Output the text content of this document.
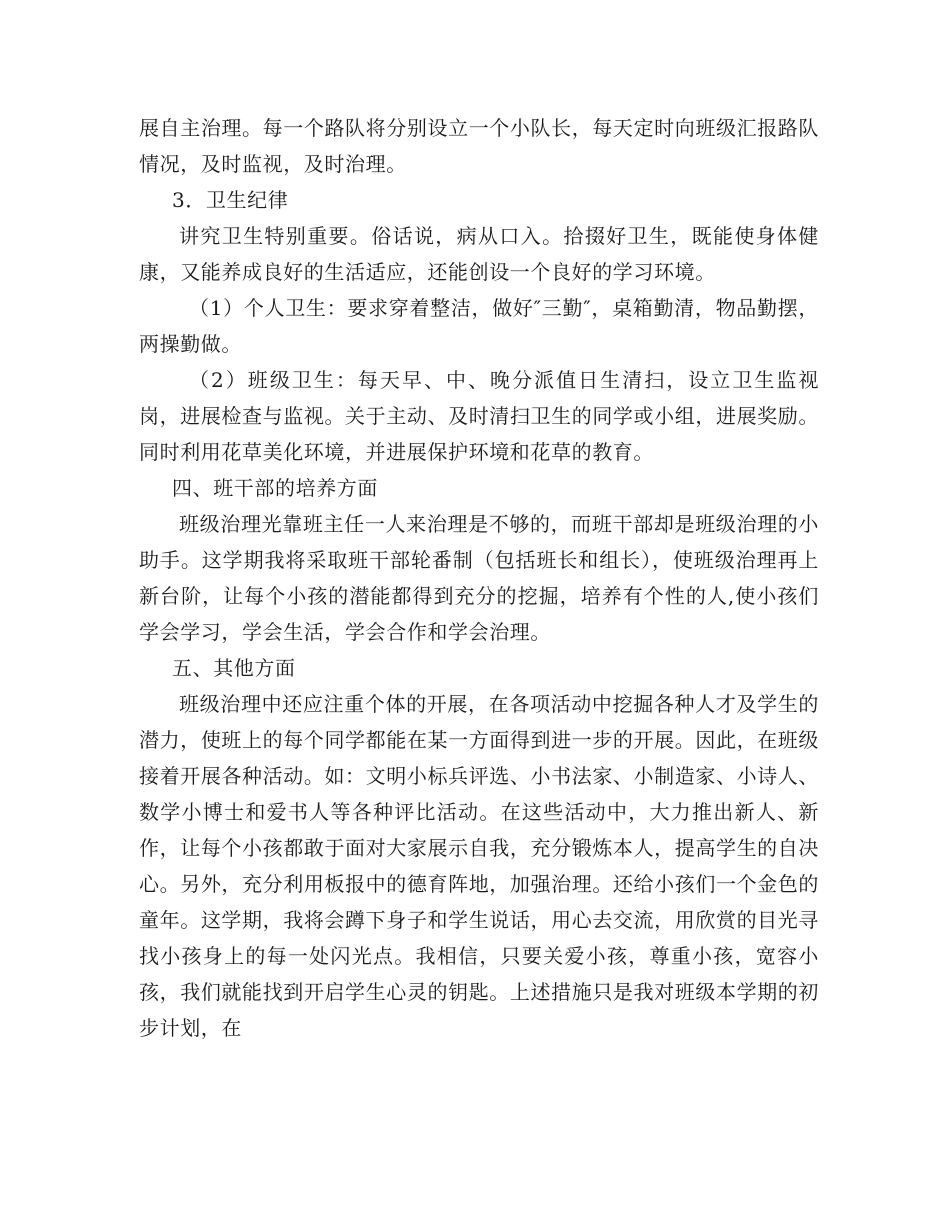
展自主治理。每一个路队将分别设立一个小队长，每天定时向班级汇报路队情况，及时监视，及时治理。

3．卫生纪律

讲究卫生特别重要。俗话说，病从口入。拾掇好卫生，既能使身体健康，又能养成良好的生活适应，还能创设一个良好的学习环境。

（1）个人卫生：要求穿着整洁，做好″三勤″，桌箱勤清，物品勤摆，两操勤做。

（2）班级卫生：每天早、中、晚分派值日生清扫，设立卫生监视岗，进展检查与监视。关于主动、及时清扫卫生的同学或小组，进展奖励。同时利用花草美化环境，并进展保护环境和花草的教育。

四、班干部的培养方面

班级治理光靠班主任一人来治理是不够的，而班干部却是班级治理的小助手。这学期我将采取班干部轮番制（包括班长和组长），使班级治理再上新台阶，让每个小孩的潜能都得到充分的挖掘，培养有个性的人,使小孩们学会学习，学会生活，学会合作和学会治理。

五、其他方面

班级治理中还应注重个体的开展，在各项活动中挖掘各种人才及学生的潜力，使班上的每个同学都能在某一方面得到进一步的开展。因此，在班级接着开展各种活动。如：文明小标兵评选、小书法家、小制造家、小诗人、数学小博士和爱书人等各种评比活动。在这些活动中，大力推出新人、新作，让每个小孩都敢于面对大家展示自我，充分锻炼本人，提高学生的自决心。另外，充分利用板报中的德育阵地，加强治理。还给小孩们一个金色的童年。这学期，我将会蹲下身子和学生说话，用心去交流，用欣赏的目光寻找小孩身上的每一处闪光点。我相信，只要关爱小孩，尊重小孩，宽容小孩，我们就能找到开启学生心灵的钥匙。上述措施只是我对班级本学期的初步计划，在
